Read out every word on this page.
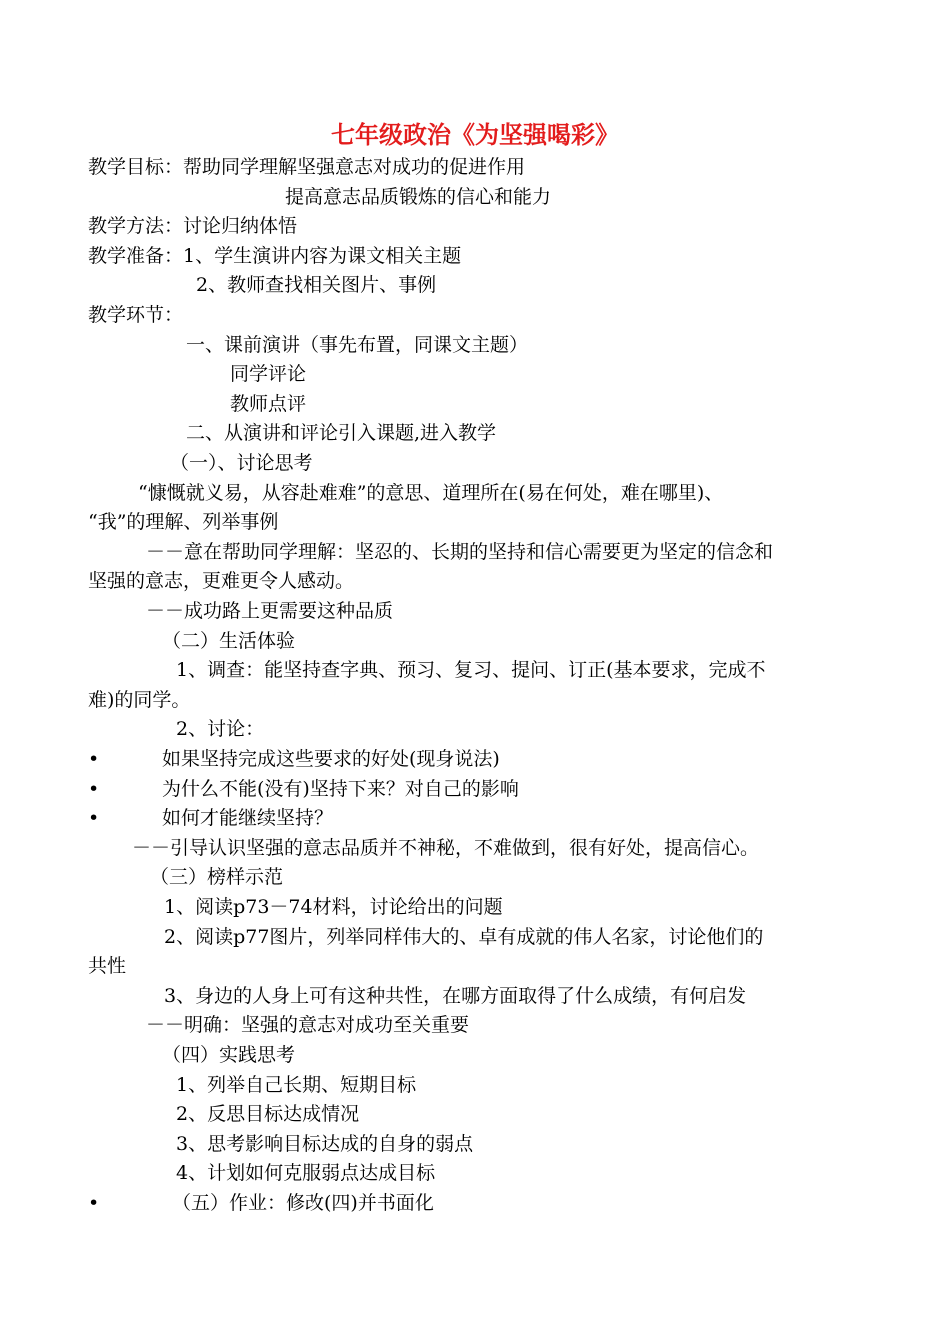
七年级政治《为坚强喝彩》
教学目标：帮助同学理解坚强意志对成功的促进作用
提高意志品质锻炼的信心和能力
教学方法：讨论归纳体悟
教学准备：1、学生演讲内容为课文相关主题
2、教师查找相关图片、事例
教学环节：
一、课前演讲（事先布置，同课文主题）
同学评论
教师点评
二、从演讲和评论引入课题,进入教学
（一）、讨论思考
“慷慨就义易，从容赴难难”的意思、道理所在(易在何处，难在哪里)、
“我”的理解、列举事例
－－意在帮助同学理解：坚忍的、长期的坚持和信心需要更为坚定的信念和
坚强的意志，更难更令人感动。
－－成功路上更需要这种品质
（二）生活体验
1、调查：能坚持查字典、预习、复习、提问、订正(基本要求，完成不
难)的同学。
2、讨论：
•	如果坚持完成这些要求的好处(现身说法)
•	为什么不能(没有)坚持下来？对自己的影响
•	如何才能继续坚持？
－－引导认识坚强的意志品质并不神秘，不难做到，很有好处，提高信心。
（三）榜样示范
1、阅读p73－74材料，讨论给出的问题
2、阅读p77图片，列举同样伟大的、卓有成就的伟人名家，讨论他们的
共性
3、身边的人身上可有这种共性，在哪方面取得了什么成绩，有何启发
－－明确：坚强的意志对成功至关重要
（四）实践思考
1、列举自己长期、短期目标
2、反思目标达成情况
3、思考影响目标达成的自身的弱点
4、计划如何克服弱点达成目标
•	（五）作业：修改(四)并书面化
